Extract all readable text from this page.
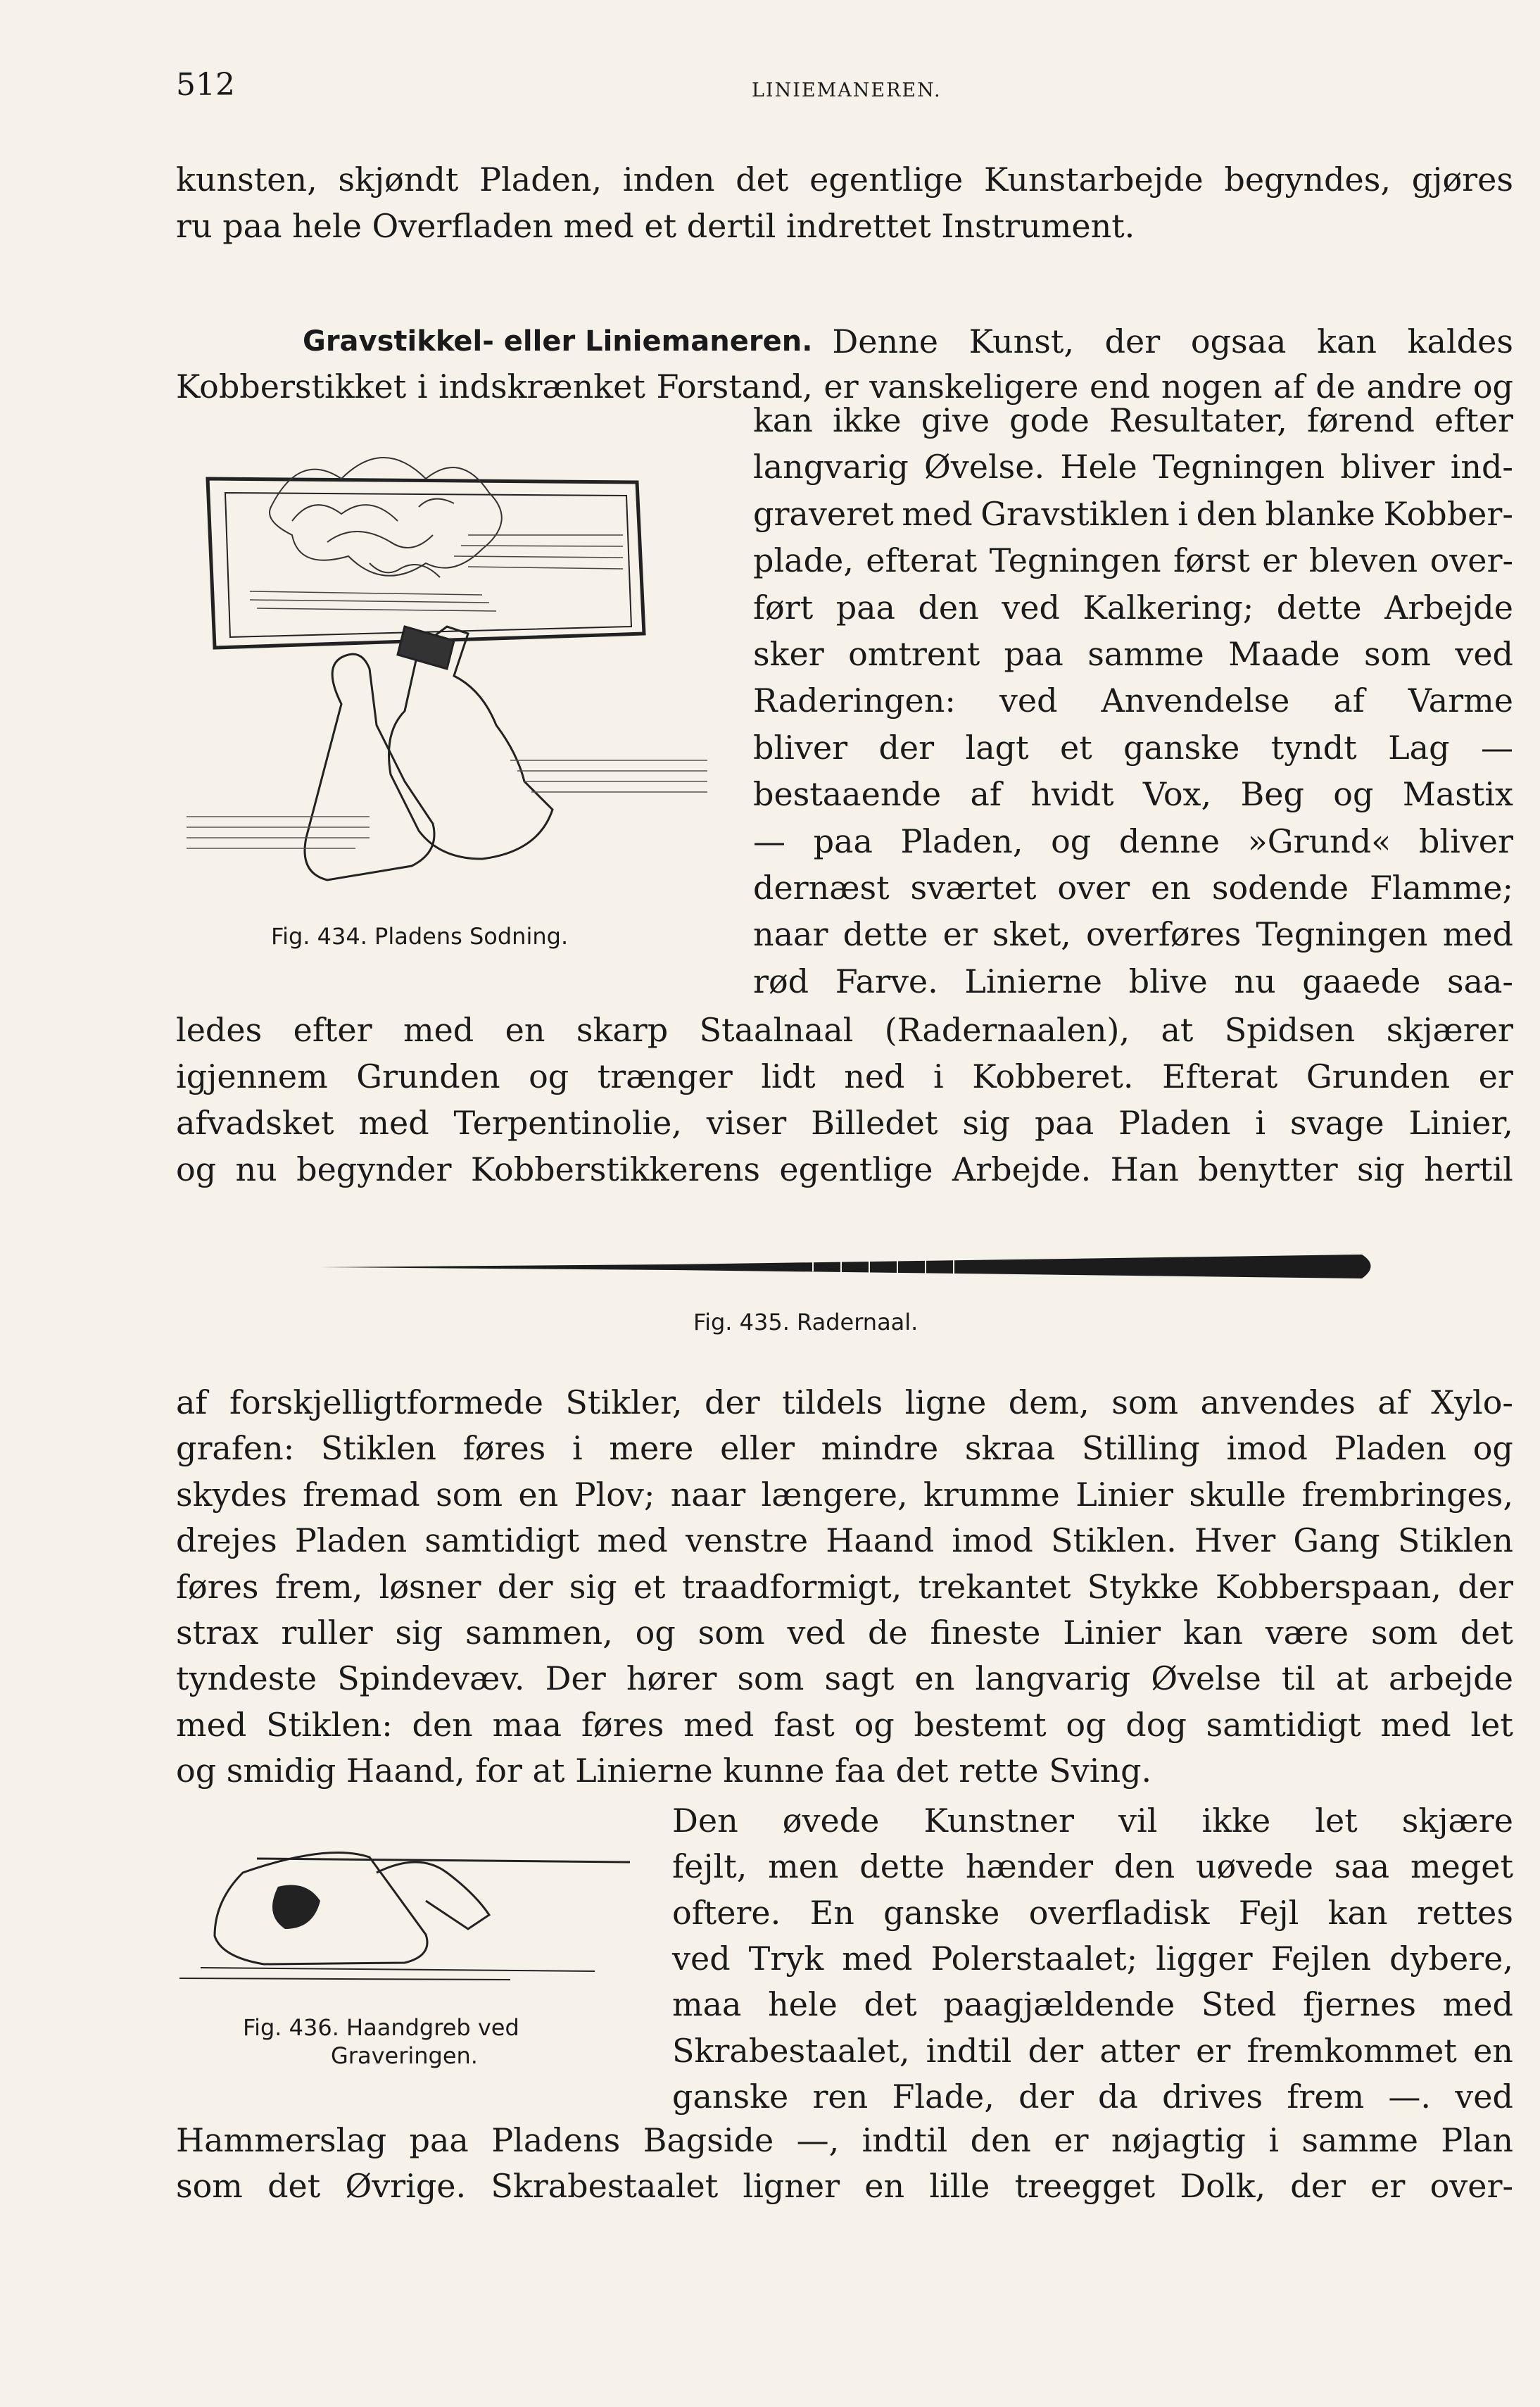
512	LINIEMANEREN.
kunsten, skjøndt Pladen, inden det egentlige Kunstarbejde begyndes, gjøres
ru paa hele Overfladen med et dertil indrettet Instrument.
Gravstikkel- eller Liniemaneren. Denne Kunst, der ogsaa kan kaldes
Kobberstikket i indskrænket Forstand, er vanskeligere end nogen af de andre og
kan ikke give gode Resultater, førend efter
langvarig Øvelse. Hele Tegningen bliver ind-
graveret med Gravstiklen i den blanke Kobber-
plade, efterat Tegningen først er bleven over-
ført paa den ved Kalkering; dette Arbejde
sker omtrent paa samme Maade som ved
Raderingen: ved Anvendelse af Varme
bliver der lagt et ganske tyndt Lag —
bestaaende af hvidt Vox, Beg og Mastix
— paa Pladen, og denne »Grund« bliver
dernæst sværtet over en sodende Flamme;
naar dette er sket, overføres Tegningen med
rød Farve. Linierne blive nu gaaede saa-
ledes efter med en skarp Staalnaal (Radernaalen), at Spidsen skjærer
igjennem Grunden og trænger lidt ned i Kobberet. Efterat Grunden er
afvadsket med Terpentinolie, viser Billedet sig paa Pladen i svage Linier,
og nu begynder Kobberstikkerens egentlige Arbejde. Han benytter sig hertil
Fig. 434. Pladens Sodning.
Fig. 435. Radernaal.
af forskjelligtformede Stikler, der tildels ligne dem, som anvendes af Xylo-
grafen: Stiklen føres i mere eller mindre skraa Stilling imod Pladen og
skydes fremad som en Plov; naar længere, krumme Linier skulle frembringes,
drejes Pladen samtidigt med venstre Haand imod Stiklen. Hver Gang Stiklen
føres frem, løsner der sig et traadformigt, trekantet Stykke Kobberspaan, der
strax ruller sig sammen, og som ved de fineste Linier kan være som det
tyndeste Spindevæv. Der hører som sagt en langvarig Øvelse til at arbejde
med Stiklen: den maa føres med fast og bestemt og dog samtidigt med let
og smidig Haand, for at Linierne kunne faa det rette Sving.
Den øvede Kunstner vil ikke let skjære
fejlt, men dette hænder den uøvede saa meget
oftere. En ganske overfladisk Fejl kan rettes
ved Tryk med Polerstaalet; ligger Fejlen dybere,
maa hele det paagjældende Sted fjernes med
Skrabestaalet, indtil der atter er fremkommet en
ganske ren Flade, der da drives frem —. ved
Fig. 436. Haandgreb ved
Graveringen.
Hammerslag paa Pladens Bagside —, indtil den er nøjagtig i samme Plan
som det Øvrige. Skrabestaalet ligner en lille treegget Dolk, der er over-
